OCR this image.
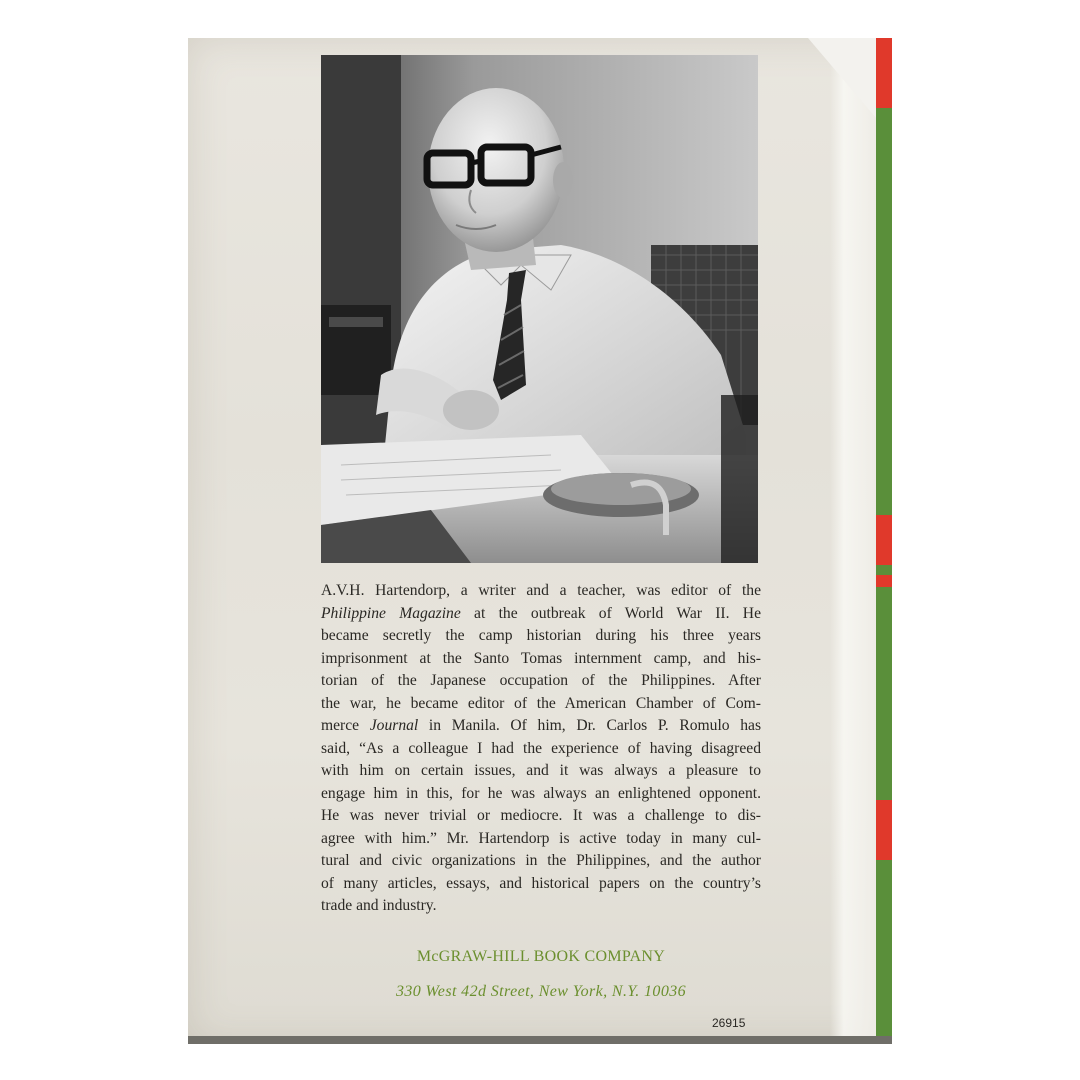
A.V.H. Hartendorp, a writer and a teacher, was editor of the
Philippine Magazine at the outbreak of World War II. He
became secretly the camp historian during his three years
imprisonment at the Santo Tomas internment camp, and his-
torian of the Japanese occupation of the Philippines. After
the war, he became editor of the American Chamber of Com-
merce Journal in Manila. Of him, Dr. Carlos P. Romulo has
said, “As a colleague I had the experience of having disagreed
with him on certain issues, and it was always a pleasure to
engage him in this, for he was always an enlightened opponent.
He was never trivial or mediocre. It was a challenge to dis-
agree with him.” Mr. Hartendorp is active today in many cul-
tural and civic organizations in the Philippines, and the author
of many articles, essays, and historical papers on the country’s
trade and industry.
McGRAW-HILL BOOK COMPANY
330 West 42d Street, New York, N.Y. 10036
26915
